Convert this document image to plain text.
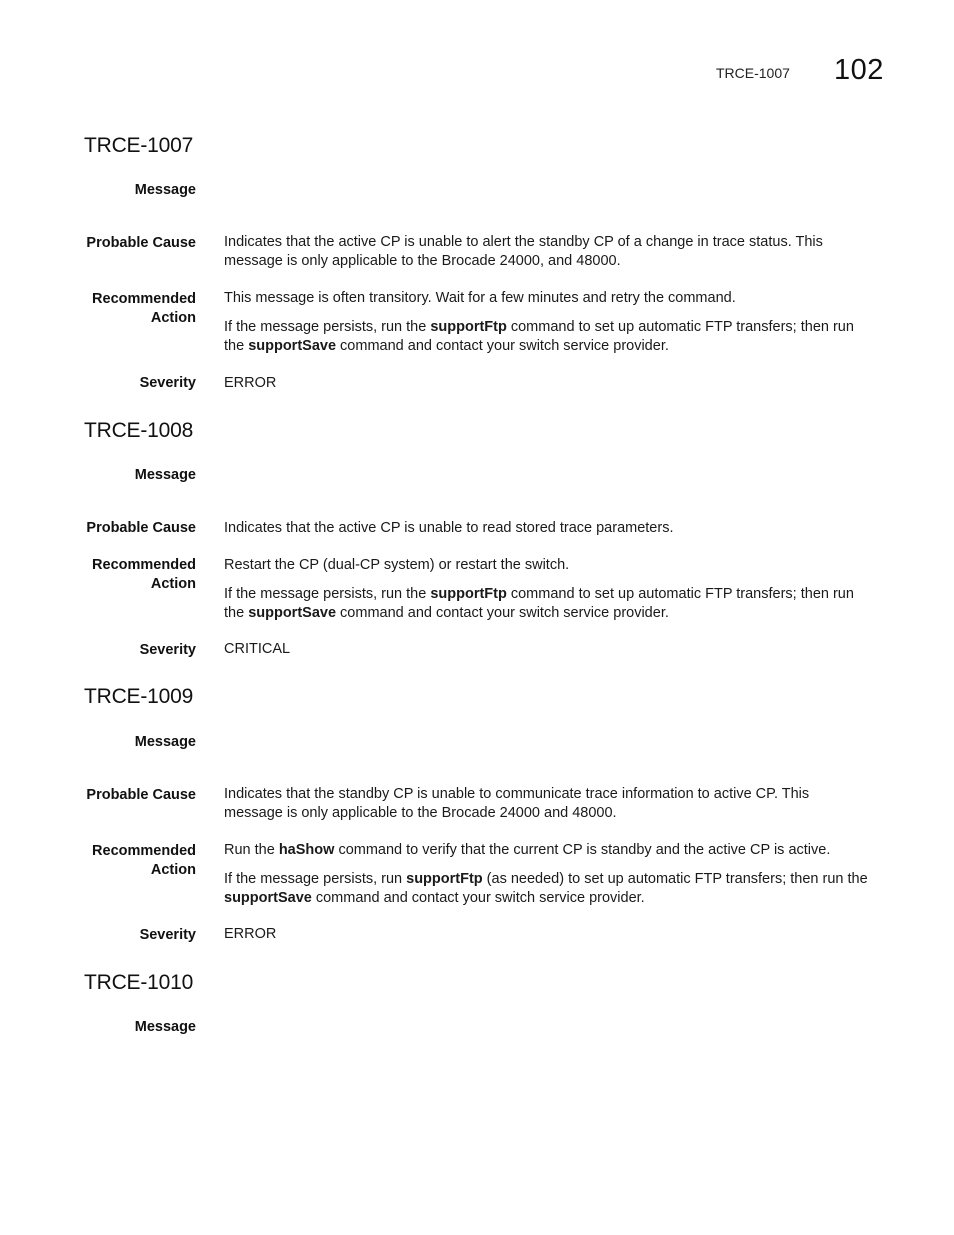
TRCE-1007 102
TRCE-1007
Message
Probable Cause Indicates that the active CP is unable to alert the standby CP of a change in trace status. This
message is only applicable to the Brocade 24000, and 48000.
Recommended
Action
This message is often transitory. Wait for a few minutes and retry the command.
If the message persists, run the supportFtp command to set up automatic FTP transfers; then run
the supportSave command and contact your switch service provider.
Severity ERROR
TRCE-1008
Message
Probable Cause Indicates that the active CP is unable to read stored trace parameters.
Recommended
Action
Restart the CP (dual-CP system) or restart the switch.
If the message persists, run the supportFtp command to set up automatic FTP transfers; then run
the supportSave command and contact your switch service provider.
Severity CRITICAL
TRCE-1009
Message
Probable Cause Indicates that the standby CP is unable to communicate trace information to active CP. This
message is only applicable to the Brocade 24000 and 48000.
Recommended
Action
Run the haShow command to verify that the current CP is standby and the active CP is active.
If the message persists, run supportFtp (as needed) to set up automatic FTP transfers; then run the
supportSave command and contact your switch service provider.
Severity ERROR
TRCE-1010
Message
